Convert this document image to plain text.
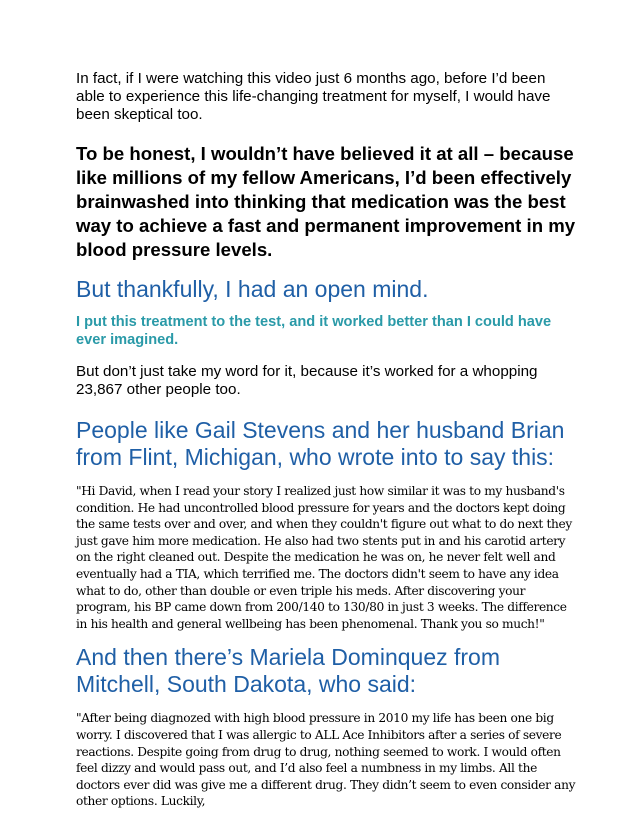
In fact, if I were watching this video just 6 months ago, before I’d been able to experience this life-changing treatment for myself, I would have been skeptical too.

To be honest, I wouldn’t have believed it at all – because like millions of my fellow Americans, I’d been effectively brainwashed into thinking that medication was the best way to achieve a fast and permanent improvement in my blood pressure levels.

But thankfully, I had an open mind.

I put this treatment to the test, and it worked better than I could have ever imagined.

But don’t just take my word for it, because it’s worked for a whopping 23,867 other people too.

People like Gail Stevens and her husband Brian from Flint, Michigan, who wrote into to say this:

"Hi David, when I read your story I realized just how similar it was to my husband's condition. He had uncontrolled blood pressure for years and the doctors kept doing the same tests over and over, and when they couldn't figure out what to do next they just gave him more medication. He also had two stents put in and his carotid artery on the right cleaned out. Despite the medication he was on, he never felt well and eventually had a TIA, which terrified me. The doctors didn't seem to have any idea what to do, other than double or even triple his meds. After discovering your program, his BP came down from 200/140 to 130/80 in just 3 weeks. The difference in his health and general wellbeing has been phenomenal. Thank you so much!"

And then there’s Mariela Dominquez from Mitchell, South Dakota, who said:

"After being diagnozed with high blood pressure in 2010 my life has been one big worry. I discovered that I was allergic to ALL Ace Inhibitors after a series of severe reactions. Despite going from drug to drug, nothing seemed to work. I would often feel dizzy and would pass out, and I’d also feel a numbness in my limbs. All the doctors ever did was give me a different drug. They didn’t seem to even consider any other options. Luckily,
